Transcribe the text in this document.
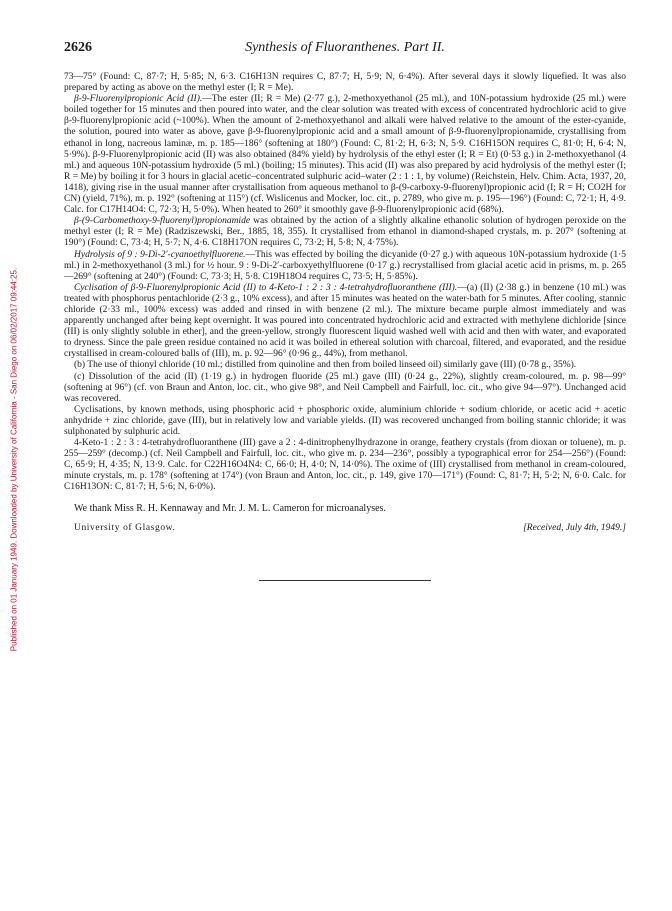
Published on 01 January 1949. Downloaded by University of California - San Diego on 06/02/2017 09:44:25.
2626	Synthesis of Fluoranthenes. Part II.

73—75° (Found: C, 87·7; H, 5·85; N, 6·3. C16H13N requires C, 87·7; H, 5·9; N, 6·4%). After several days it slowly liquefied. It was also prepared by acting as above on the methyl ester (I; R = Me).

β-9-Fluorenylpropionic Acid (II).—The ester (II; R = Me) (2·77 g.), 2-methoxyethanol (25 ml.), and 10N-potassium hydroxide (25 ml.) were boiled together for 15 minutes and then poured into water, and the clear solution was treated with excess of concentrated hydrochloric acid to give β-9-fluorenylpropionic acid (~100%). When the amount of 2-methoxyethanol and alkali were halved relative to the amount of the ester-cyanide, the solution, poured into water as above, gave β-9-fluorenylpropionic acid and a small amount of β-9-fluorenylpropionamide, crystallising from ethanol in long, nacreous laminæ, m. p. 185—186° (softening at 180°) (Found: C, 81·2; H, 6·3; N, 5·9. C16H15ON requires C, 81·0; H, 6·4; N, 5·9%). β-9-Fluorenylpropionic acid (II) was also obtained (84% yield) by hydrolysis of the ethyl ester (I; R = Et) (0·53 g.) in 2-methoxyethanol (4 ml.) and aqueous 10N-potassium hydroxide (5 ml.) (boiling; 15 minutes). This acid (II) was also prepared by acid hydrolysis of the methyl ester (I; R = Me) by boiling it for 3 hours in glacial acetic–concentrated sulphuric acid–water (2 : 1 : 1, by volume) (Reichstein, Helv. Chim. Acta, 1937, 20, 1418), giving rise in the usual manner after crystallisation from aqueous methanol to β-(9-carboxy-9-fluorenyl)propionic acid (I; R = H; CO2H for CN) (yield, 71%), m. p. 192° (softening at 115°) (cf. Wislicenus and Mocker, loc. cit., p. 2789, who give m. p. 195—196°) (Found: C, 72·1; H, 4·9. Calc. for C17H14O4: C, 72·3; H, 5·0%). When heated to 260° it smoothly gave β-9-fluorenylpropionic acid (68%).

β-(9-Carbomethoxy-9-fluorenyl)propionamide was obtained by the action of a slightly alkaline ethanolic solution of hydrogen peroxide on the methyl ester (I; R = Me) (Radziszewski, Ber., 1885, 18, 355). It crystallised from ethanol in diamond-shaped crystals, m. p. 207° (softening at 190°) (Found: C, 73·4; H, 5·7; N, 4·6. C18H17ON requires C, 73·2; H, 5·8; N, 4·75%).

Hydrolysis of 9 : 9-Di-2′-cyanoethylfluorene.—This was effected by boiling the dicyanide (0·27 g.) with aqueous 10N-potassium hydroxide (1·5 ml.) in 2-methoxyethanol (3 ml.) for ½ hour. 9 : 9-Di-2′-carboxyethylfluorene (0·17 g.) recrystallised from glacial acetic acid in prisms, m. p. 265—269° (softening at 240°) (Found: C, 73·3; H, 5·8. C19H18O4 requires C, 73·5; H, 5·85%).

Cyclisation of β-9-Fluorenylpropionic Acid (II) to 4-Keto-1 : 2 : 3 : 4-tetrahydrofluoranthene (III).—(a) (II) (2·38 g.) in benzene (10 ml.) was treated with phosphorus pentachloride (2·3 g., 10% excess), and after 15 minutes was heated on the water-bath for 5 minutes. After cooling, stannic chloride (2·33 ml., 100% excess) was added and rinsed in with benzene (2 ml.). The mixture became purple almost immediately and was apparently unchanged after being kept overnight. It was poured into concentrated hydrochloric acid and extracted with methylene dichloride [since (III) is only slightly soluble in ether], and the green-yellow, strongly fluorescent liquid washed well with acid and then with water, and evaporated to dryness. Since the pale green residue contained no acid it was boiled in ethereal solution with charcoal, filtered, and evaporated, and the residue crystallised in cream-coloured balls of (III), m. p. 92—96° (0·96 g., 44%), from methanol.

(b) The use of thionyl chloride (10 ml.; distilled from quinoline and then from boiled linseed oil) similarly gave (III) (0·78 g., 35%).

(c) Dissolution of the acid (II) (1·19 g.) in hydrogen fluoride (25 ml.) gave (III) (0·24 g., 22%), slightly cream-coloured, m. p. 98—99° (softening at 96°) (cf. von Braun and Anton, loc. cit., who give 98°, and Neil Campbell and Fairfull, loc. cit., who give 94—97°). Unchanged acid was recovered.

Cyclisations, by known methods, using phosphoric acid + phosphoric oxide, aluminium chloride + sodium chloride, or acetic acid + acetic anhydride + zinc chloride, gave (III), but in relatively low and variable yields. (II) was recovered unchanged from boiling stannic chloride; it was sulphonated by sulphuric acid.

4-Keto-1 : 2 : 3 : 4-tetrahydrofluoranthene (III) gave a 2 : 4-dinitrophenylhydrazone in orange, feathery crystals (from dioxan or toluene), m. p. 255—259° (decomp.) (cf. Neil Campbell and Fairfull, loc. cit., who give m. p. 234—236°, possibly a typographical error for 254—256°) (Found: C, 65·9; H, 4·35; N, 13·9. Calc. for C22H16O4N4: C, 66·0; H, 4·0; N, 14·0%). The oxime of (III) crystallised from methanol in cream-coloured, minute crystals, m. p. 178° (softening at 174°) (von Braun and Anton, loc. cit., p. 149, give 170—171°) (Found: C, 81·7; H, 5·2; N, 6·0. Calc. for C16H13ON: C, 81·7; H, 5·6; N, 6·0%).

We thank Miss R. H. Kennaway and Mr. J. M. L. Cameron for microanalyses.
University of Glasgow.	[Received, July 4th, 1949.]
